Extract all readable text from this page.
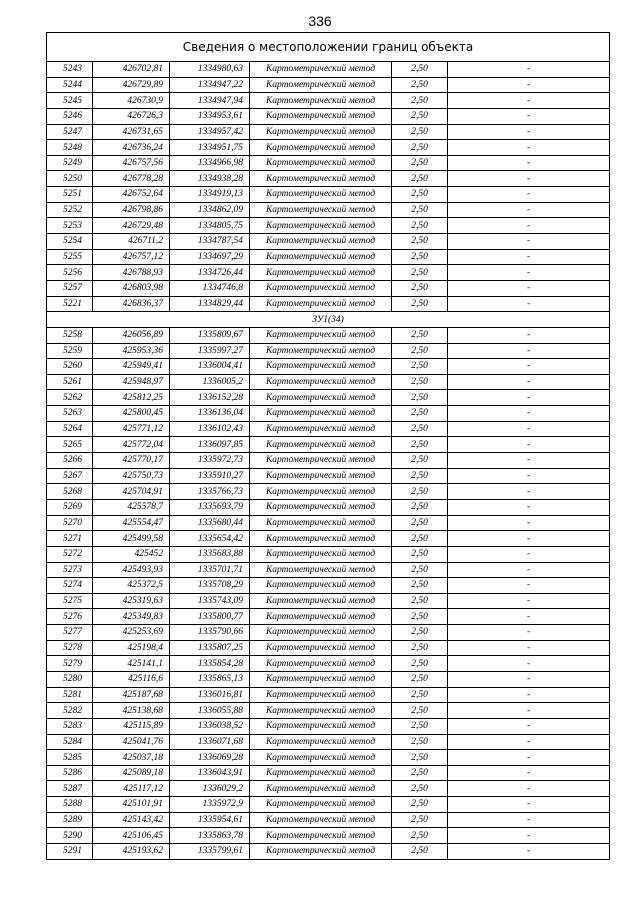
336
Сведения о местоположении границ объекта					
5243	426702,81	1334980,63	Картометрический метод	2,50	-
5244	426729,89	1334947,22	Картометрический метод	2,50	-
5245	426730,9	1334947,94	Картометрический метод	2,50	-
5246	426726,3	1334953,61	Картометрический метод	2,50	-
5247	426731,65	1334957,42	Картометрический метод	2,50	-
5248	426736,24	1334951,75	Картометрический метод	2,50	-
5249	426757,56	1334966,98	Картометрический метод	2,50	-
5250	426778,28	1334938,28	Картометрический метод	2,50	-
5251	426752,64	1334919,13	Картометрический метод	2,50	-
5252	426798,86	1334862,09	Картометрический метод	2,50	-
5253	426729,48	1334805,75	Картометрический метод	2,50	-
5254	426711,2	1334787,54	Картометрический метод	2,50	-
5255	426757,12	1334697,29	Картометрический метод	2,50	-
5256	426788,93	1334726,44	Картометрический метод	2,50	-
5257	426803,98	1334746,8	Картометрический метод	2,50	-
5221	426836,37	1334829,44	Картометрический метод	2,50	-
ЗУ1(34)					
5258	426056,89	1335809,67	Картометрический метод	2,50	-
5259	425953,36	1335997,27	Картометрический метод	2,50	-
5260	425949,41	1336004,41	Картометрический метод	2,50	-
5261	425948,97	1336005,2	Картометрический метод	2,50	-
5262	425812,25	1336152,28	Картометрический метод	2,50	-
5263	425800,45	1336136,04	Картометрический метод	2,50	-
5264	425771,12	1336102,43	Картометрический метод	2,50	-
5265	425772,04	1336097,85	Картометрический метод	2,50	-
5266	425770,17	1335972,73	Картометрический метод	2,50	-
5267	425750,73	1335910,27	Картометрический метод	2,50	-
5268	425704,91	1335766,73	Картометрический метод	2,50	-
5269	425578,7	1335693,79	Картометрический метод	2,50	-
5270	425554,47	1335680,44	Картометрический метод	2,50	-
5271	425499,58	1335654,42	Картометрический метод	2,50	-
5272	425452	1335683,88	Картометрический метод	2,50	-
5273	425493,93	1335701,71	Картометрический метод	2,50	-
5274	425372,5	1335708,29	Картометрический метод	2,50	-
5275	425319,63	1335743,09	Картометрический метод	2,50	-
5276	425349,83	1335800,77	Картометрический метод	2,50	-
5277	425253,69	1335790,66	Картометрический метод	2,50	-
5278	425198,4	1335807,25	Картометрический метод	2,50	-
5279	425141,1	1335854,28	Картометрический метод	2,50	-
5280	425116,6	1335865,13	Картометрический метод	2,50	-
5281	425187,68	1336016,81	Картометрический метод	2,50	-
5282	425138,68	1336055,88	Картометрический метод	2,50	-
5283	425115,89	1336038,52	Картометрический метод	2,50	-
5284	425041,76	1336071,68	Картометрический метод	2,50	-
5285	425037,18	1336069,28	Картометрический метод	2,50	-
5286	425089,18	1336043,91	Картометрический метод	2,50	-
5287	425117,12	1336029,2	Картометрический метод	2,50	-
5288	425101,91	1335972,9	Картометрический метод	2,50	-
5289	425143,42	1335954,61	Картометрический метод	2,50	-
5290	425106,45	1335863,78	Картометрический метод	2,50	-
5291	425193,62	1335799,61	Картометрический метод	2,50	-
